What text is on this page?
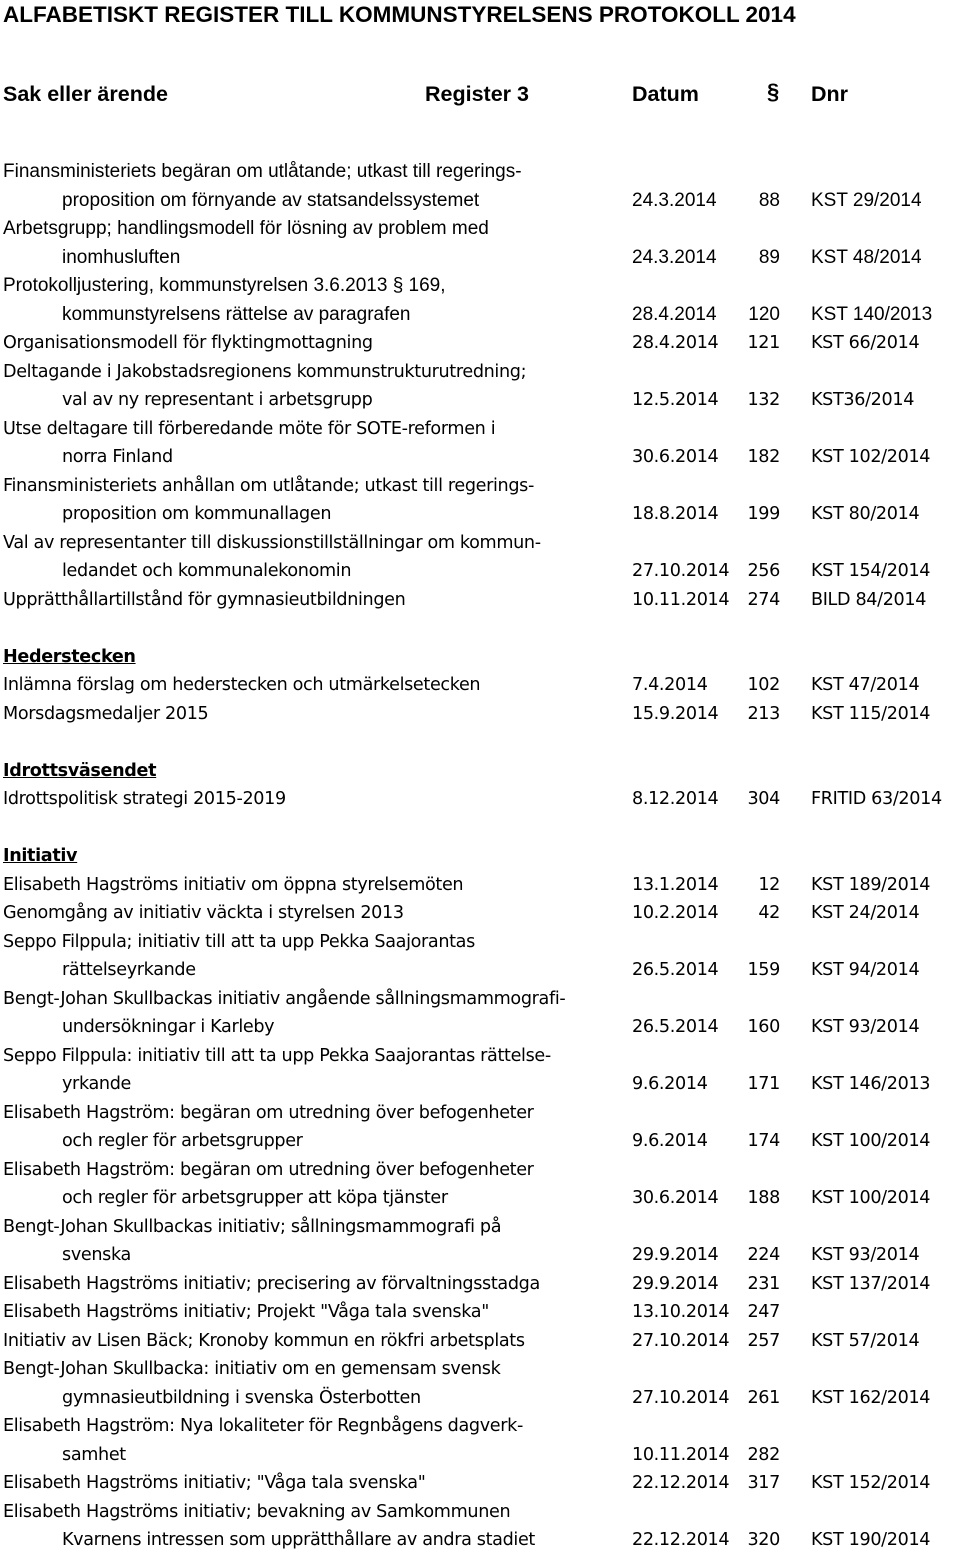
ALFABETISKT REGISTER TILL KOMMUNSTYRELSENS PROTOKOLL 2014
Sak eller ärende	Register 3	Datum	§ Dnr
Finansministeriets begäran om utlåtande; utkast till regerings-
proposition om förnyande av statsandelssystemet	24.3.2014	88 KST 29/2014
Arbetsgrupp; handlingsmodell för lösning av problem med
inomhusluften	24.3.2014	89 KST 48/2014
Protokolljustering, kommunstyrelsen 3.6.2013 § 169,
kommunstyrelsens rättelse av paragrafen	28.4.2014	120 KST 140/2013
Organisationsmodell för flyktingmottagning	28.4.2014	121 KST 66/2014
Deltagande i Jakobstadsregionens kommunstrukturutredning;
val av ny representant i arbetsgrupp	12.5.2014	132 KST36/2014
Utse deltagare till förberedande möte för SOTE-reformen i
norra Finland	30.6.2014	182 KST 102/2014
Finansministeriets anhållan om utlåtande; utkast till regerings-
proposition om kommunallagen	18.8.2014	199 KST 80/2014
Val av representanter till diskussionstillställningar om kommun-
ledandet och kommunalekonomin	27.10.2014	256 KST 154/2014
Upprätthållartillstånd för gymnasieutbildningen	10.11.2014	274 BILD 84/2014
Hederstecken
Inlämna förslag om hederstecken och utmärkelsetecken	7.4.2014	102 KST 47/2014
Morsdagsmedaljer 2015	15.9.2014	213 KST 115/2014
Idrottsväsendet
Idrottspolitisk strategi 2015-2019	8.12.2014	304 FRITID 63/2014
Initiativ
Elisabeth Hagströms initiativ om öppna styrelsemöten	13.1.2014	12 KST 189/2014
Genomgång av initiativ väckta i styrelsen 2013	10.2.2014	42 KST 24/2014
Seppo Filppula; initiativ till att ta upp Pekka Saajorantas
rättelseyrkande	26.5.2014	159 KST 94/2014
Bengt-Johan Skullbackas initiativ angående sållningsmammografi-
undersökningar i Karleby	26.5.2014	160 KST 93/2014
Seppo Filppula: initiativ till att ta upp Pekka Saajorantas rättelse-
yrkande	9.6.2014	171 KST 146/2013
Elisabeth Hagström: begäran om utredning över befogenheter
och regler för arbetsgrupper	9.6.2014	174 KST 100/2014
Elisabeth Hagström: begäran om utredning över befogenheter
och regler för arbetsgrupper att köpa tjänster	30.6.2014	188 KST 100/2014
Bengt-Johan Skullbackas initiativ; sållningsmammografi på
svenska	29.9.2014	224 KST 93/2014
Elisabeth Hagströms initiativ; precisering av förvaltningsstadga	29.9.2014	231 KST 137/2014
Elisabeth Hagströms initiativ; Projekt "Våga tala svenska"	13.10.2014	247
Initiativ av Lisen Bäck; Kronoby kommun en rökfri arbetsplats	27.10.2014	257 KST 57/2014
Bengt-Johan Skullbacka: initiativ om en gemensam svensk
gymnasieutbildning i svenska Österbotten	27.10.2014	261 KST 162/2014
Elisabeth Hagström: Nya lokaliteter för Regnbågens dagverk-
samhet	10.11.2014	282
Elisabeth Hagströms initiativ; "Våga tala svenska"	22.12.2014	317 KST 152/2014
Elisabeth Hagströms initiativ; bevakning av Samkommunen
Kvarnens intressen som upprätthållare av andra stadiet	22.12.2014	320 KST 190/2014
